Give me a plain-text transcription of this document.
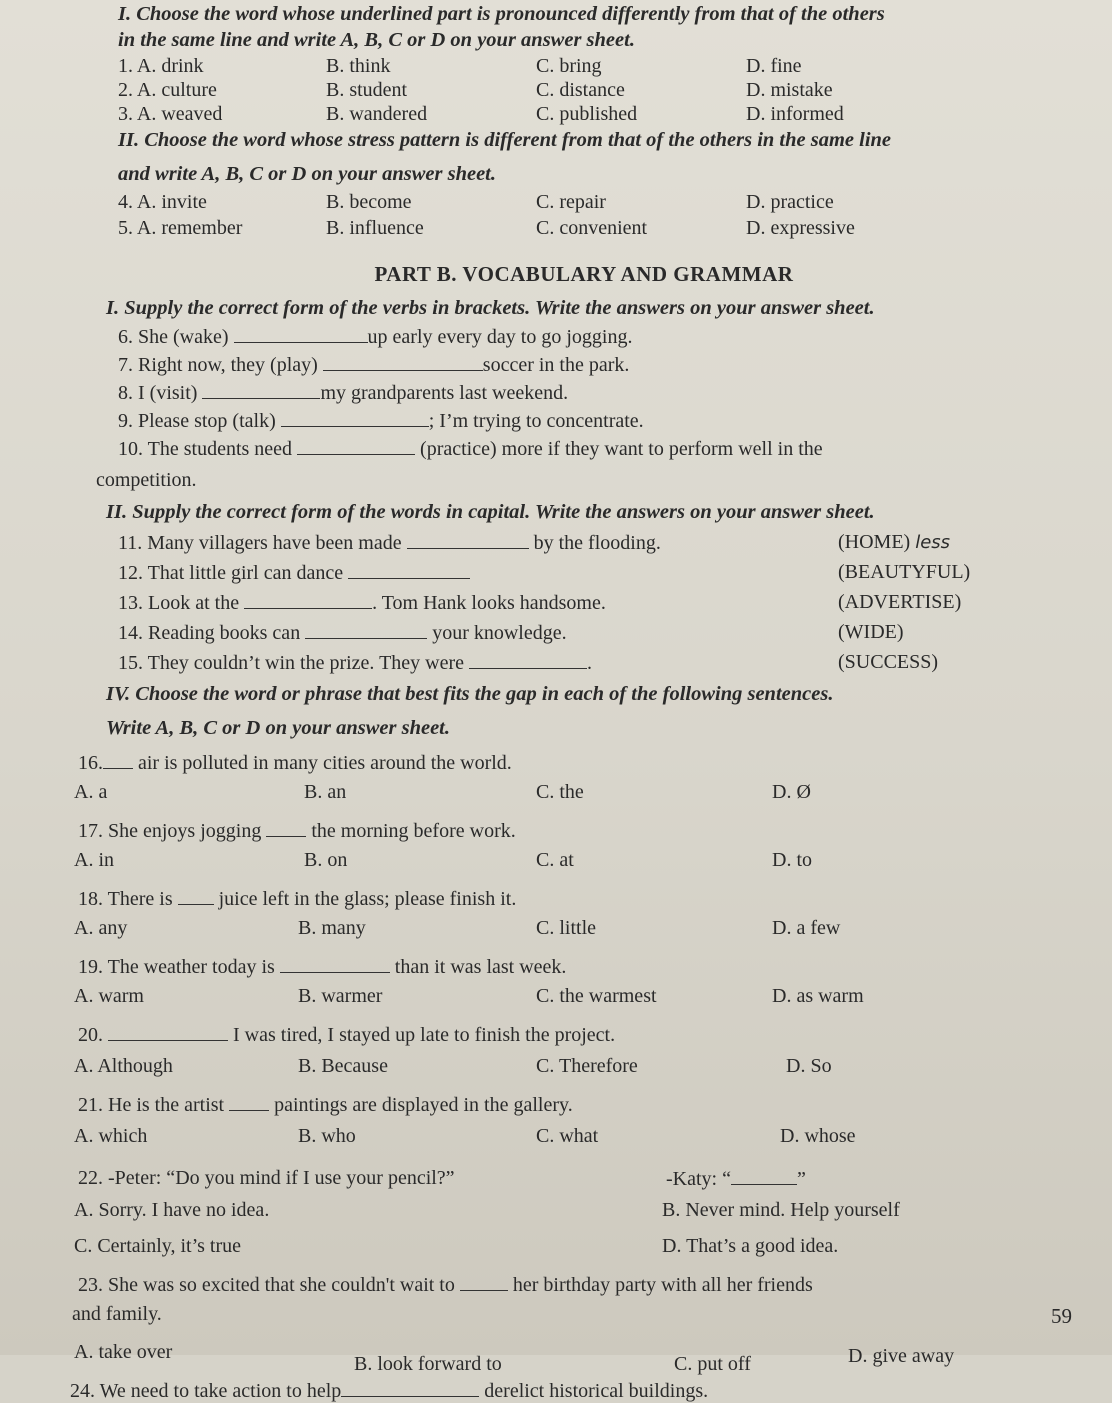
I. Choose the word whose underlined part is pronounced differently from that of the others
in the same line and write A, B, C or D on your answer sheet.
1. A. drink	B. think	C. bring	D. fine
2. A. culture	B. student	C. distance	D. mistake
3. A. weaved	B. wandered	C. published	D. informed
II. Choose the word whose stress pattern is different from that of the others in the same line
and write A, B, C or D on your answer sheet.
4. A. invite	B. become	C. repair	D. practice
5. A. remember	B. influence	C. convenient	D. expressive
PART B. VOCABULARY AND GRAMMAR
I. Supply the correct form of the verbs in brackets. Write the answers on your answer sheet.
6. She (wake)	up early every day to go jogging.
7. Right now, they (play)	soccer in the park.
8. I (visit)	my grandparents last weekend.
9. Please stop (talk)	; I’m trying to concentrate.
10. The students need	(practice) more if they want to perform well in the
competition.
II. Supply the correct form of the words in capital. Write the answers on your answer sheet.
11. Many villagers have been made	by the flooding.	(HOME) less
12. That little girl can dance	(BEAUTYFUL)
13. Look at the	. Tom Hank looks handsome.	(ADVERTISE)
14. Reading books can	your knowledge.	(WIDE)
15. They couldn’t win the prize. They were	.	(SUCCESS)
IV. Choose the word or phrase that best fits the gap in each of the following sentences.
Write A, B, C or D on your answer sheet.
16. air is polluted in many cities around the world.
A. a	B. an	C. the	D. Ø
17. She enjoys jogging	the morning before work.
A. in	B. on	C. at	D. to
18. There is juice left in the glass; please finish it.
A. any	B. many	C. little	D. a few
19. The weather today is	than it was last week.
A. warm	B. warmer	C. the warmest	D. as warm
20.	I was tired, I stayed up late to finish the project.
A. Although	B. Because	C. Therefore	D. So
21. He is the artist	paintings are displayed in the gallery.
A. which	B. who	C. what	D. whose
22. -Peter: “Do you mind if I use your pencil?”	-Katy: “	”
A. Sorry. I have no idea.	B. Never mind. Help yourself
C. Certainly, it’s true	D. That’s a good idea.
23. She was so excited that she couldn't wait to	her birthday party with all her friends
and family.
A. take over
B. look forward to	C. put off	D. give away
24. We need to take action to help	derelict historical buildings.
59
